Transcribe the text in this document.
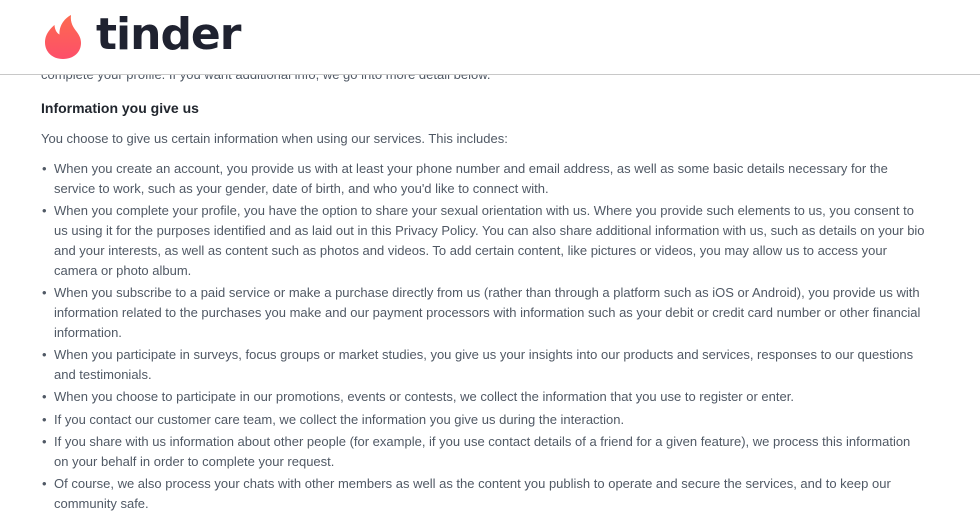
tinder
Information you give us

You choose to give us certain information when using our services. This includes:

• When you create an account, you provide us with at least your phone number and email address, as well as some basic details necessary for the service to work, such as your gender, date of birth, and who you'd like to connect with.
• When you complete your profile, you have the option to share your sexual orientation with us. Where you provide such elements to us, you consent to us using it for the purposes identified and as laid out in this Privacy Policy. You can also share additional information with us, such as details on your bio and your interests, as well as content such as photos and videos. To add certain content, like pictures or videos, you may allow us to access your camera or photo album.
• When you subscribe to a paid service or make a purchase directly from us (rather than through a platform such as iOS or Android), you provide us with information related to the purchases you make and our payment processors with information such as your debit or credit card number or other financial information.
• When you participate in surveys, focus groups or market studies, you give us your insights into our products and services, responses to our questions and testimonials.
• When you choose to participate in our promotions, events or contests, we collect the information that you use to register or enter.
• If you contact our customer care team, we collect the information you give us during the interaction.
• If you share with us information about other people (for example, if you use contact details of a friend for a given feature), we process this information on your behalf in order to complete your request.
• Of course, we also process your chats with other members as well as the content you publish to operate and secure the services, and to keep our community safe.
